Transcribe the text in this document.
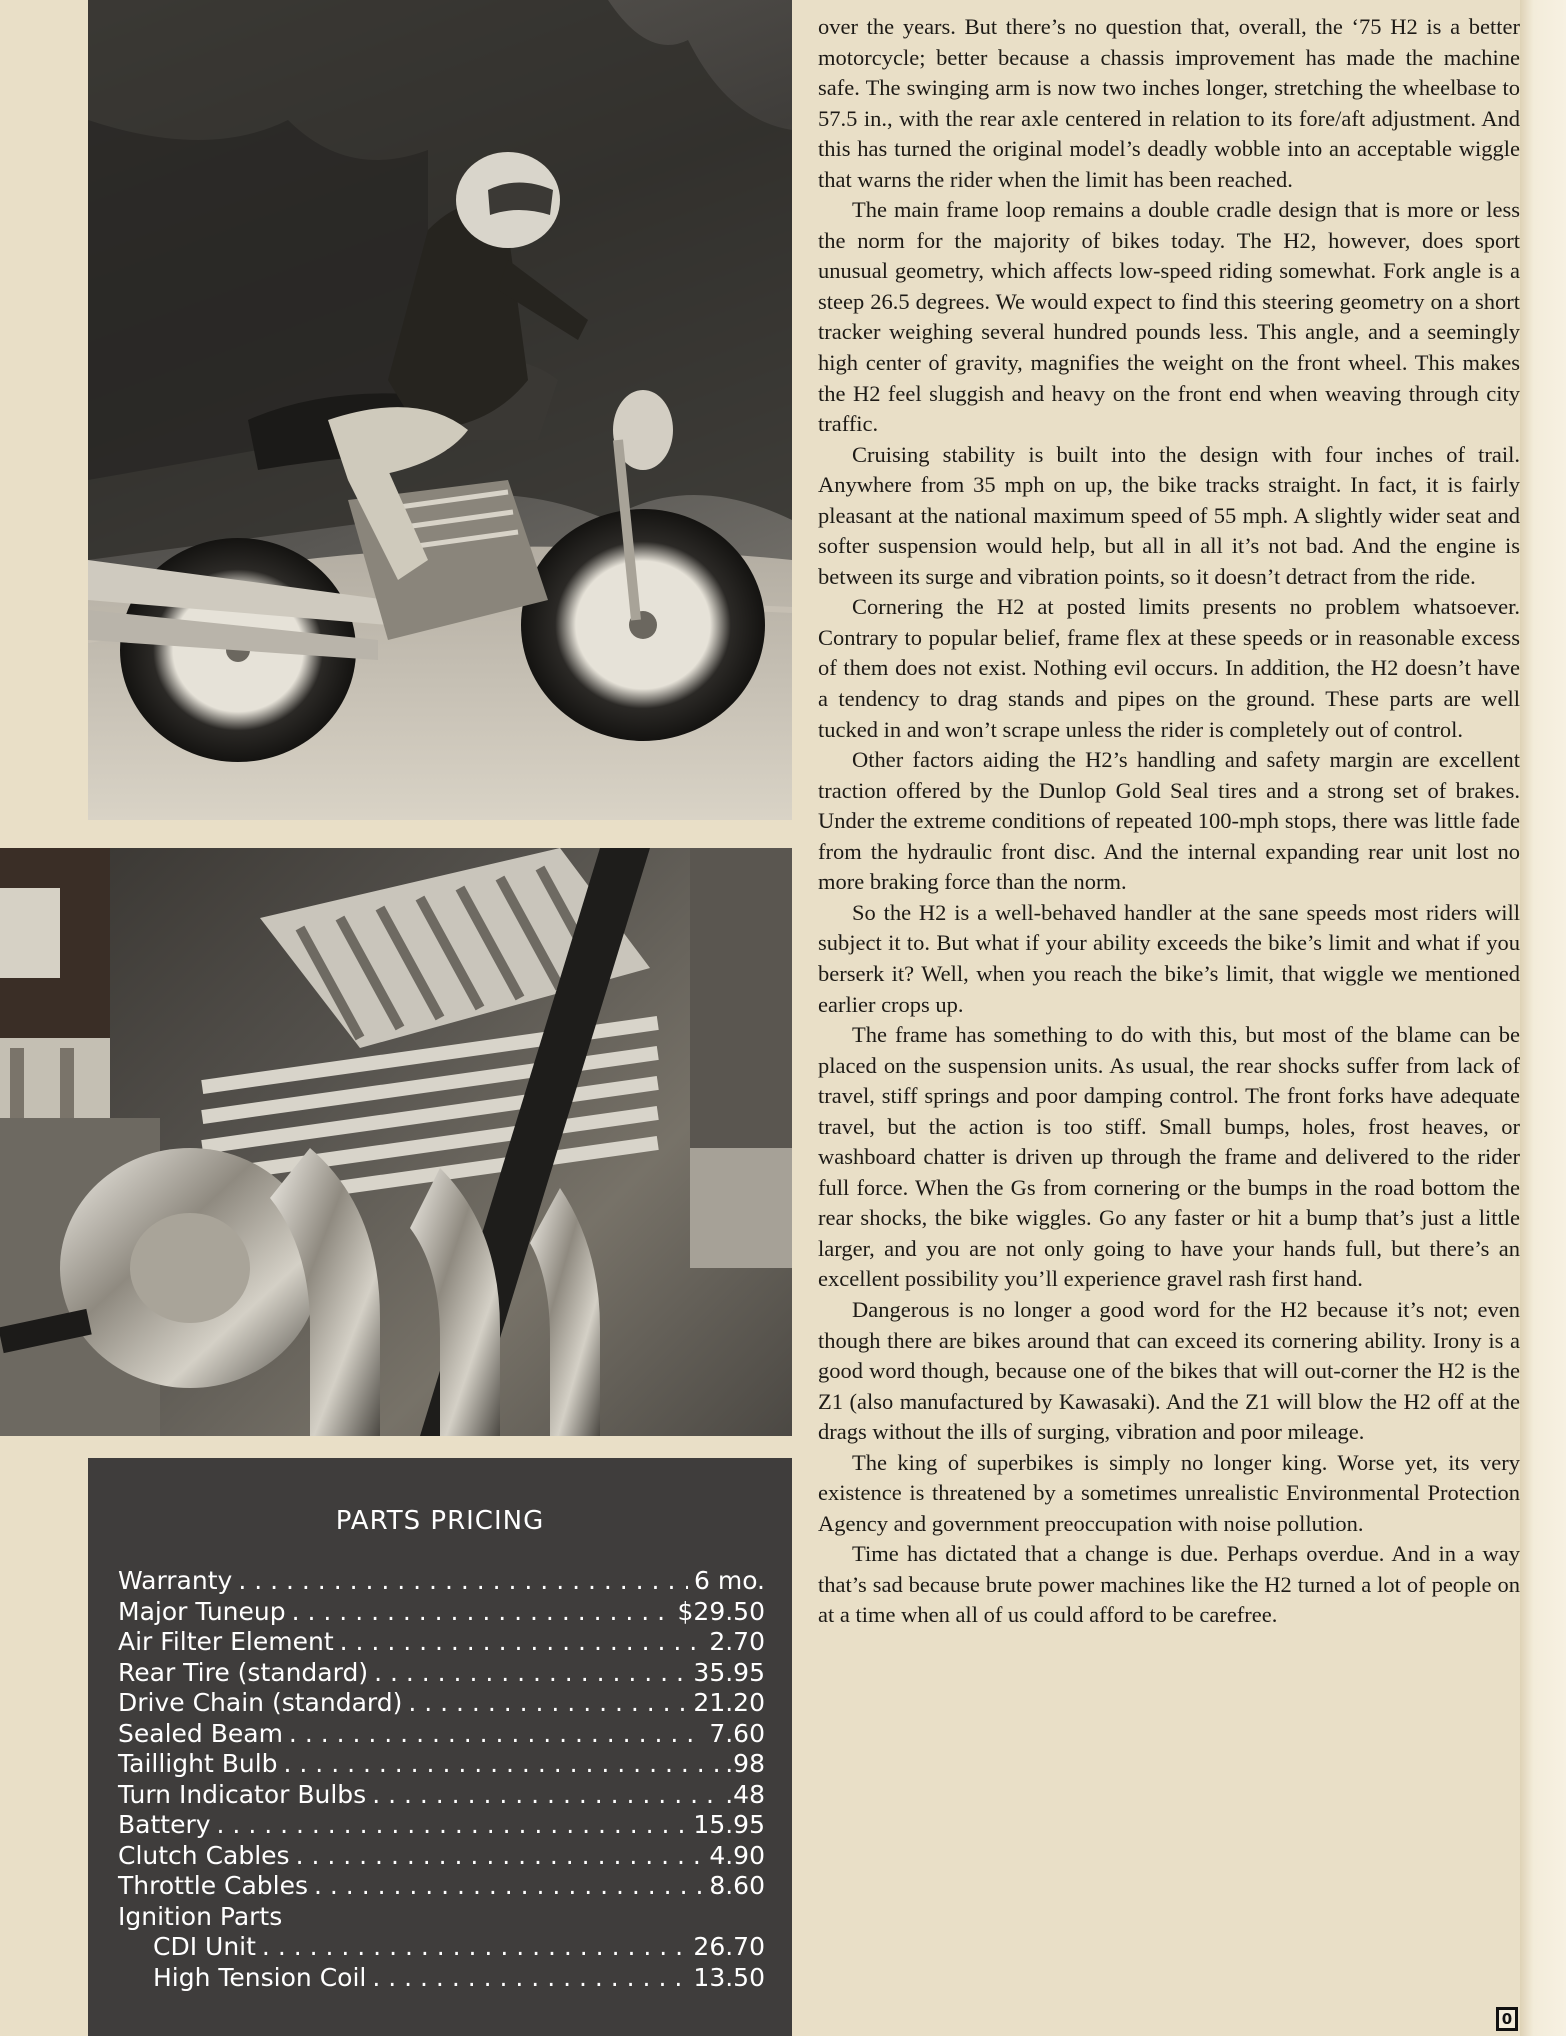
PARTS PRICING
Warranty . . .	6 mo.
Major Tuneup . . .	$29.50
Air Filter Element . . .	2.70
Rear Tire (standard) . . .	35.95
Drive Chain (standard) . . .	21.20
Sealed Beam . . .	7.60
Taillight Bulb . . .	.98
Turn Indicator Bulbs . . .	.48
Battery . . .	15.95
Clutch Cables . . .	4.90
Throttle Cables . . .	8.60
Ignition Parts
CDI Unit . . .	26.70
High Tension Coil . . .	13.50

over the years. But there’s no question that, overall, the ‘75 H2 is a better motorcycle; better because a chassis improvement has made the machine safe. The swinging arm is now two inches longer, stretching the wheelbase to 57.5 in., with the rear axle centered in relation to its fore/aft adjustment. And this has turned the original model’s deadly wobble into an acceptable wiggle that warns the rider when the limit has been reached.

The main frame loop remains a double cradle design that is more or less the norm for the majority of bikes today. The H2, however, does sport unusual geometry, which affects low-speed riding somewhat. Fork angle is a steep 26.5 degrees. We would expect to find this steering geometry on a short tracker weighing several hundred pounds less. This angle, and a seemingly high center of gravity, magnifies the weight on the front wheel. This makes the H2 feel sluggish and heavy on the front end when weaving through city traffic.

Cruising stability is built into the design with four inches of trail. Anywhere from 35 mph on up, the bike tracks straight. In fact, it is fairly pleasant at the national maximum speed of 55 mph. A slightly wider seat and softer suspension would help, but all in all it’s not bad. And the engine is between its surge and vibration points, so it doesn’t detract from the ride.

Cornering the H2 at posted limits presents no problem whatsoever. Contrary to popular belief, frame flex at these speeds or in reasonable excess of them does not exist. Nothing evil occurs. In addition, the H2 doesn’t have a tendency to drag stands and pipes on the ground. These parts are well tucked in and won’t scrape unless the rider is completely out of control.

Other factors aiding the H2’s handling and safety margin are excellent traction offered by the Dunlop Gold Seal tires and a strong set of brakes. Under the extreme conditions of repeated 100-mph stops, there was little fade from the hydraulic front disc. And the internal expanding rear unit lost no more braking force than the norm.

So the H2 is a well-behaved handler at the sane speeds most riders will subject it to. But what if your ability exceeds the bike’s limit and what if you berserk it? Well, when you reach the bike’s limit, that wiggle we mentioned earlier crops up.

The frame has something to do with this, but most of the blame can be placed on the suspension units. As usual, the rear shocks suffer from lack of travel, stiff springs and poor damping control. The front forks have adequate travel, but the action is too stiff. Small bumps, holes, frost heaves, or washboard chatter is driven up through the frame and delivered to the rider full force. When the Gs from cornering or the bumps in the road bottom the rear shocks, the bike wiggles. Go any faster or hit a bump that’s just a little larger, and you are not only going to have your hands full, but there’s an excellent possibility you’ll experience gravel rash first hand.

Dangerous is no longer a good word for the H2 because it’s not; even though there are bikes around that can exceed its cornering ability. Irony is a good word though, because one of the bikes that will out-corner the H2 is the Z1 (also manufactured by Kawasaki). And the Z1 will blow the H2 off at the drags without the ills of surging, vibration and poor mileage.

The king of superbikes is simply no longer king. Worse yet, its very existence is threatened by a sometimes unrealistic Environmental Protection Agency and government preoccupation with noise pollution.

Time has dictated that a change is due. Perhaps overdue. And in a way that’s sad because brute power machines like the H2 turned a lot of people on at a time when all of us could afford to be carefree.

0
